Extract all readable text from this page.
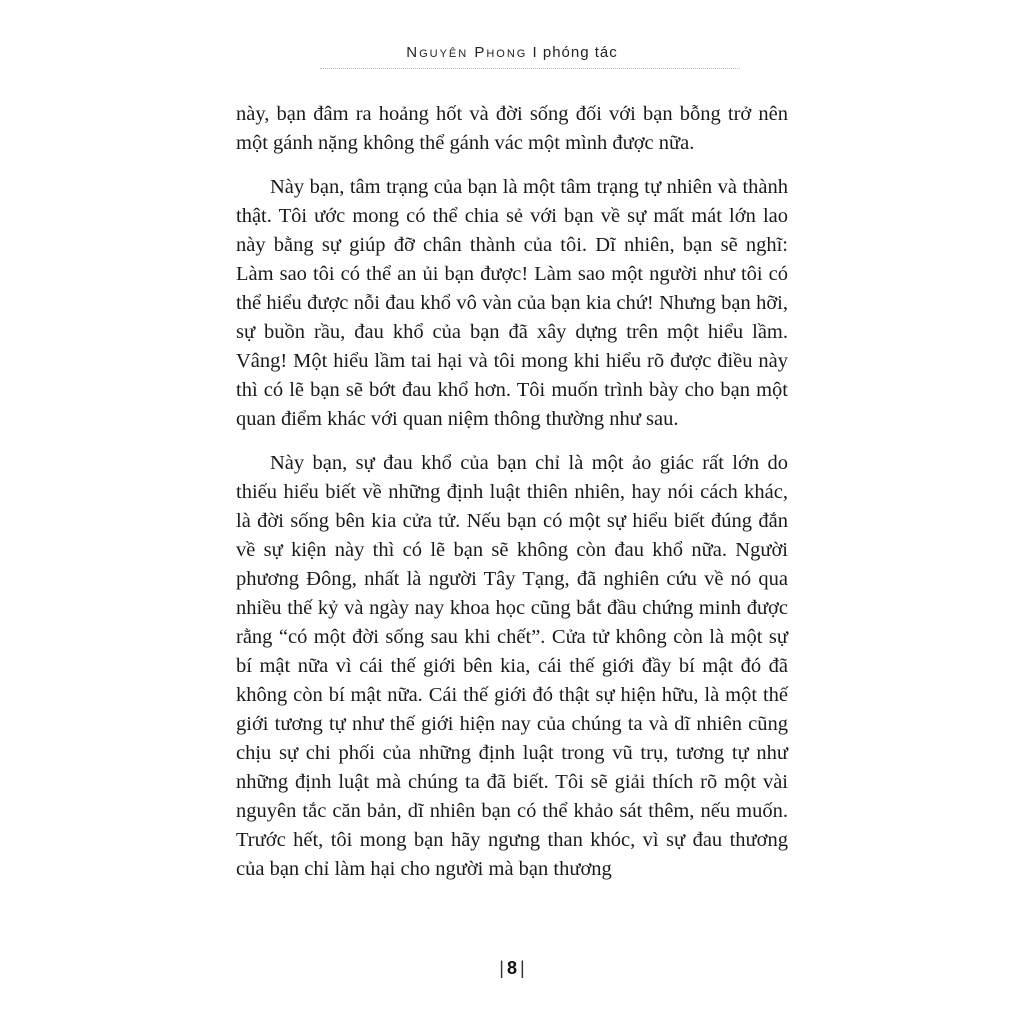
Nguyên Phong I phóng tác

này, bạn đâm ra hoảng hốt và đời sống đối với bạn bỗng trở nên một gánh nặng không thể gánh vác một mình được nữa.

Này bạn, tâm trạng của bạn là một tâm trạng tự nhiên và thành thật. Tôi ước mong có thể chia sẻ với bạn về sự mất mát lớn lao này bằng sự giúp đỡ chân thành của tôi. Dĩ nhiên, bạn sẽ nghĩ: Làm sao tôi có thể an ủi bạn được! Làm sao một người như tôi có thể hiểu được nỗi đau khổ vô vàn của bạn kia chứ! Nhưng bạn hỡi, sự buồn rầu, đau khổ của bạn đã xây dựng trên một hiểu lầm. Vâng! Một hiểu lầm tai hại và tôi mong khi hiểu rõ được điều này thì có lẽ bạn sẽ bớt đau khổ hơn. Tôi muốn trình bày cho bạn một quan điểm khác với quan niệm thông thường như sau.

Này bạn, sự đau khổ của bạn chỉ là một ảo giác rất lớn do thiếu hiểu biết về những định luật thiên nhiên, hay nói cách khác, là đời sống bên kia cửa tử. Nếu bạn có một sự hiểu biết đúng đắn về sự kiện này thì có lẽ bạn sẽ không còn đau khổ nữa. Người phương Đông, nhất là người Tây Tạng, đã nghiên cứu về nó qua nhiều thế kỷ và ngày nay khoa học cũng bắt đầu chứng minh được rằng “có một đời sống sau khi chết”. Cửa tử không còn là một sự bí mật nữa vì cái thế giới bên kia, cái thế giới đầy bí mật đó đã không còn bí mật nữa. Cái thế giới đó thật sự hiện hữu, là một thế giới tương tự như thế giới hiện nay của chúng ta và dĩ nhiên cũng chịu sự chi phối của những định luật trong vũ trụ, tương tự như những định luật mà chúng ta đã biết. Tôi sẽ giải thích rõ một vài nguyên tắc căn bản, dĩ nhiên bạn có thể khảo sát thêm, nếu muốn. Trước hết, tôi mong bạn hãy ngưng than khóc, vì sự đau thương của bạn chỉ làm hại cho người mà bạn thương

| 8 |
